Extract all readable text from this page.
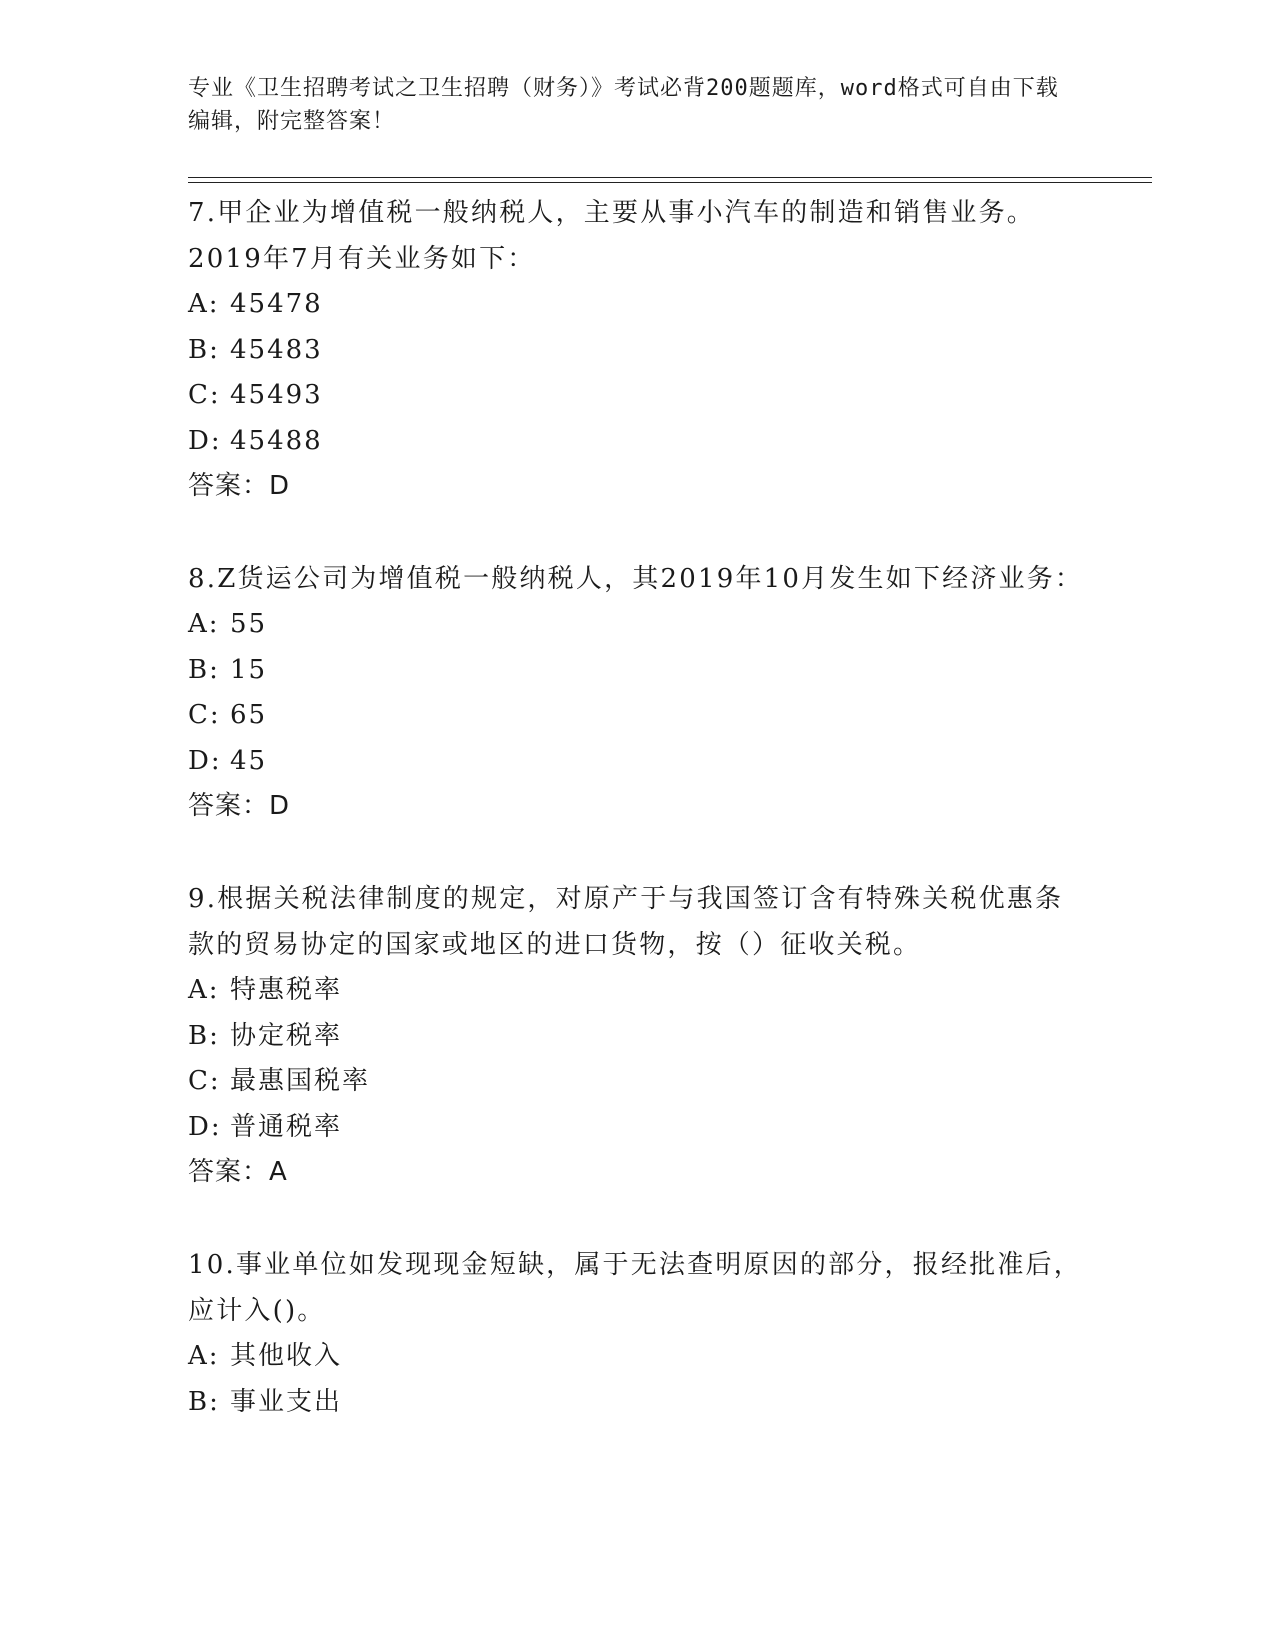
专业《卫生招聘考试之卫生招聘（财务）》考试必背200题题库，word格式可自由下载编辑，附完整答案！

7.甲企业为增值税一般纳税人，主要从事小汽车的制造和销售业务。2019年7月有关业务如下：

A: 45478

B: 45483

C: 45493

D: 45488

答案：D

8.Z货运公司为增值税一般纳税人，其2019年10月发生如下经济业务：

A: 55

B: 15

C: 65

D: 45

答案：D

9.根据关税法律制度的规定，对原产于与我国签订含有特殊关税优惠条款的贸易协定的国家或地区的进口货物，按（）征收关税。

A: 特惠税率

B: 协定税率

C: 最惠国税率

D: 普通税率

答案：A

10.事业单位如发现现金短缺，属于无法查明原因的部分，报经批准后，应计入()。

A: 其他收入

B: 事业支出
